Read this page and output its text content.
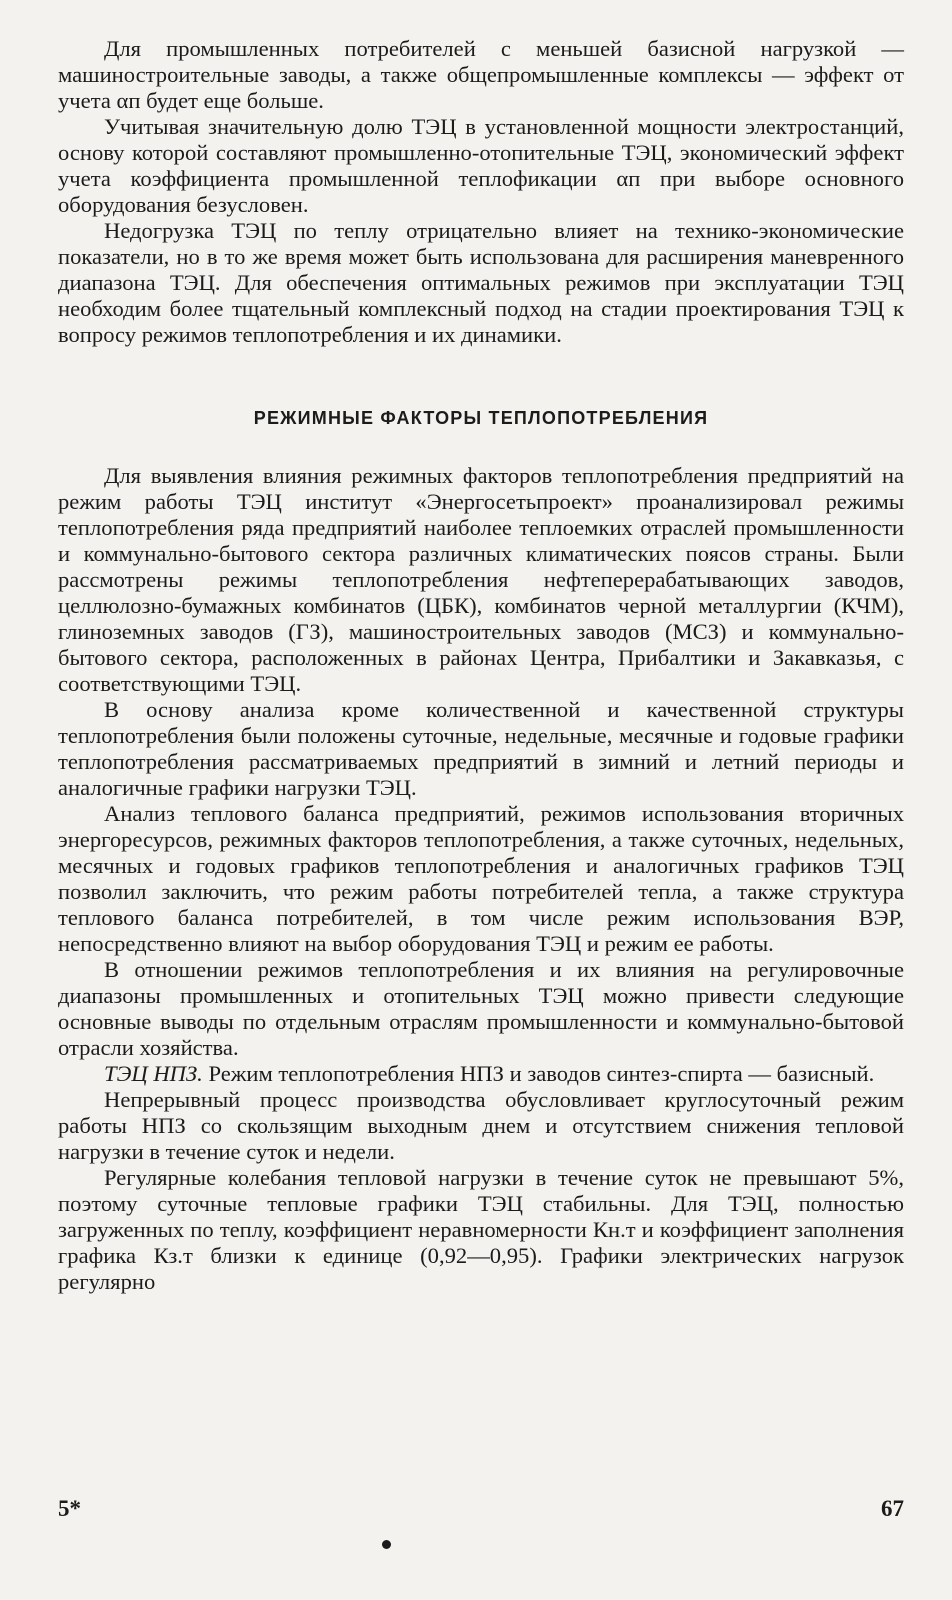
Для промышленных потребителей с меньшей базисной нагрузкой — машиностроительные заводы, а также общепромышленные комплексы — эффект от учета αп будет еще больше.

Учитывая значительную долю ТЭЦ в установленной мощности электростанций, основу которой составляют промышленно-отопительные ТЭЦ, экономический эффект учета коэффициента промышленной теплофикации αп при выборе основного оборудования безусловен.

Недогрузка ТЭЦ по теплу отрицательно влияет на технико-экономические показатели, но в то же время может быть использована для расширения маневренного диапазона ТЭЦ. Для обеспечения оптимальных режимов при эксплуатации ТЭЦ необходим более тщательный комплексный подход на стадии проектирования ТЭЦ к вопросу режимов теплопотребления и их динамики.

РЕЖИМНЫЕ ФАКТОРЫ ТЕПЛОПОТРЕБЛЕНИЯ

Для выявления влияния режимных факторов теплопотребления предприятий на режим работы ТЭЦ институт «Энергосетьпроект» проанализировал режимы теплопотребления ряда предприятий наиболее теплоемких отраслей промышленности и коммунально-бытового сектора различных климатических поясов страны. Были рассмотрены режимы теплопотребления нефтеперерабатывающих заводов, целлюлозно-бумажных комбинатов (ЦБК), комбинатов черной металлургии (КЧМ), глиноземных заводов (ГЗ), машиностроительных заводов (МСЗ) и коммунально-бытового сектора, расположенных в районах Центра, Прибалтики и Закавказья, с соответствующими ТЭЦ.

В основу анализа кроме количественной и качественной структуры теплопотребления были положены суточные, недельные, месячные и годовые графики теплопотребления рассматриваемых предприятий в зимний и летний периоды и аналогичные графики нагрузки ТЭЦ.

Анализ теплового баланса предприятий, режимов использования вторичных энергоресурсов, режимных факторов теплопотребления, а также суточных, недельных, месячных и годовых графиков теплопотребления и аналогичных графиков ТЭЦ позволил заключить, что режим работы потребителей тепла, а также структура теплового баланса потребителей, в том числе режим использования ВЭР, непосредственно влияют на выбор оборудования ТЭЦ и режим ее работы.

В отношении режимов теплопотребления и их влияния на регулировочные диапазоны промышленных и отопительных ТЭЦ можно привести следующие основные выводы по отдельным отраслям промышленности и коммунально-бытовой отрасли хозяйства.

ТЭЦ НПЗ. Режим теплопотребления НПЗ и заводов синтез-спирта — базисный.

Непрерывный процесс производства обусловливает круглосуточный режим работы НПЗ со скользящим выходным днем и отсутствием снижения тепловой нагрузки в течение суток и недели.

Регулярные колебания тепловой нагрузки в течение суток не превышают 5%, поэтому суточные тепловые графики ТЭЦ стабильны. Для ТЭЦ, полностью загруженных по теплу, коэффициент неравномерности Кн.т и коэффициент заполнения графика Кз.т близки к единице (0,92—0,95). Графики электрических нагрузок регулярно

5*	67
